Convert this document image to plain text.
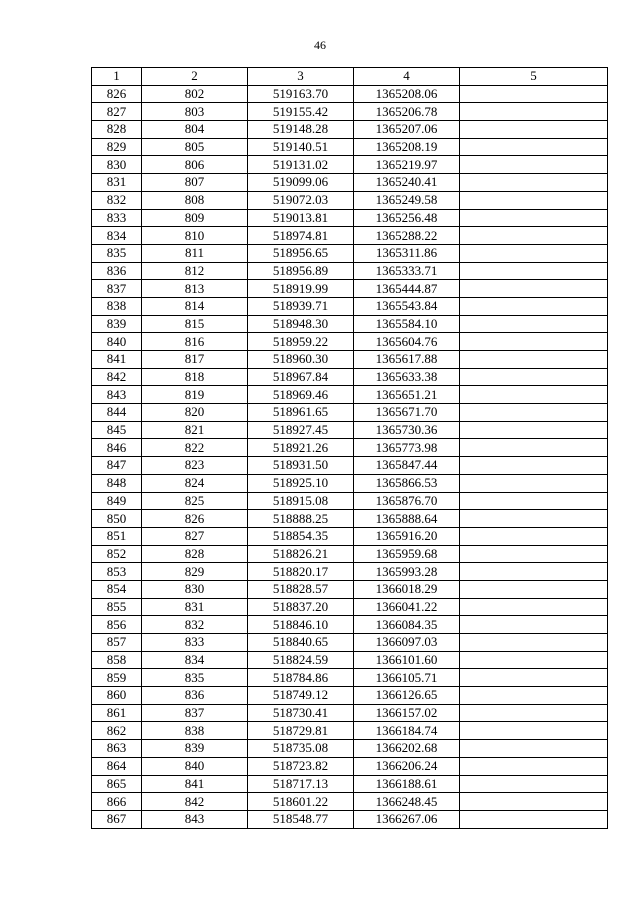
46
1	2	3	4	5
826	802	519163.70	1365208.06	
827	803	519155.42	1365206.78	
828	804	519148.28	1365207.06	
829	805	519140.51	1365208.19	
830	806	519131.02	1365219.97	
831	807	519099.06	1365240.41	
832	808	519072.03	1365249.58	
833	809	519013.81	1365256.48	
834	810	518974.81	1365288.22	
835	811	518956.65	1365311.86	
836	812	518956.89	1365333.71	
837	813	518919.99	1365444.87	
838	814	518939.71	1365543.84	
839	815	518948.30	1365584.10	
840	816	518959.22	1365604.76	
841	817	518960.30	1365617.88	
842	818	518967.84	1365633.38	
843	819	518969.46	1365651.21	
844	820	518961.65	1365671.70	
845	821	518927.45	1365730.36	
846	822	518921.26	1365773.98	
847	823	518931.50	1365847.44	
848	824	518925.10	1365866.53	
849	825	518915.08	1365876.70	
850	826	518888.25	1365888.64	
851	827	518854.35	1365916.20	
852	828	518826.21	1365959.68	
853	829	518820.17	1365993.28	
854	830	518828.57	1366018.29	
855	831	518837.20	1366041.22	
856	832	518846.10	1366084.35	
857	833	518840.65	1366097.03	
858	834	518824.59	1366101.60	
859	835	518784.86	1366105.71	
860	836	518749.12	1366126.65	
861	837	518730.41	1366157.02	
862	838	518729.81	1366184.74	
863	839	518735.08	1366202.68	
864	840	518723.82	1366206.24	
865	841	518717.13	1366188.61	
866	842	518601.22	1366248.45	
867	843	518548.77	1366267.06	
